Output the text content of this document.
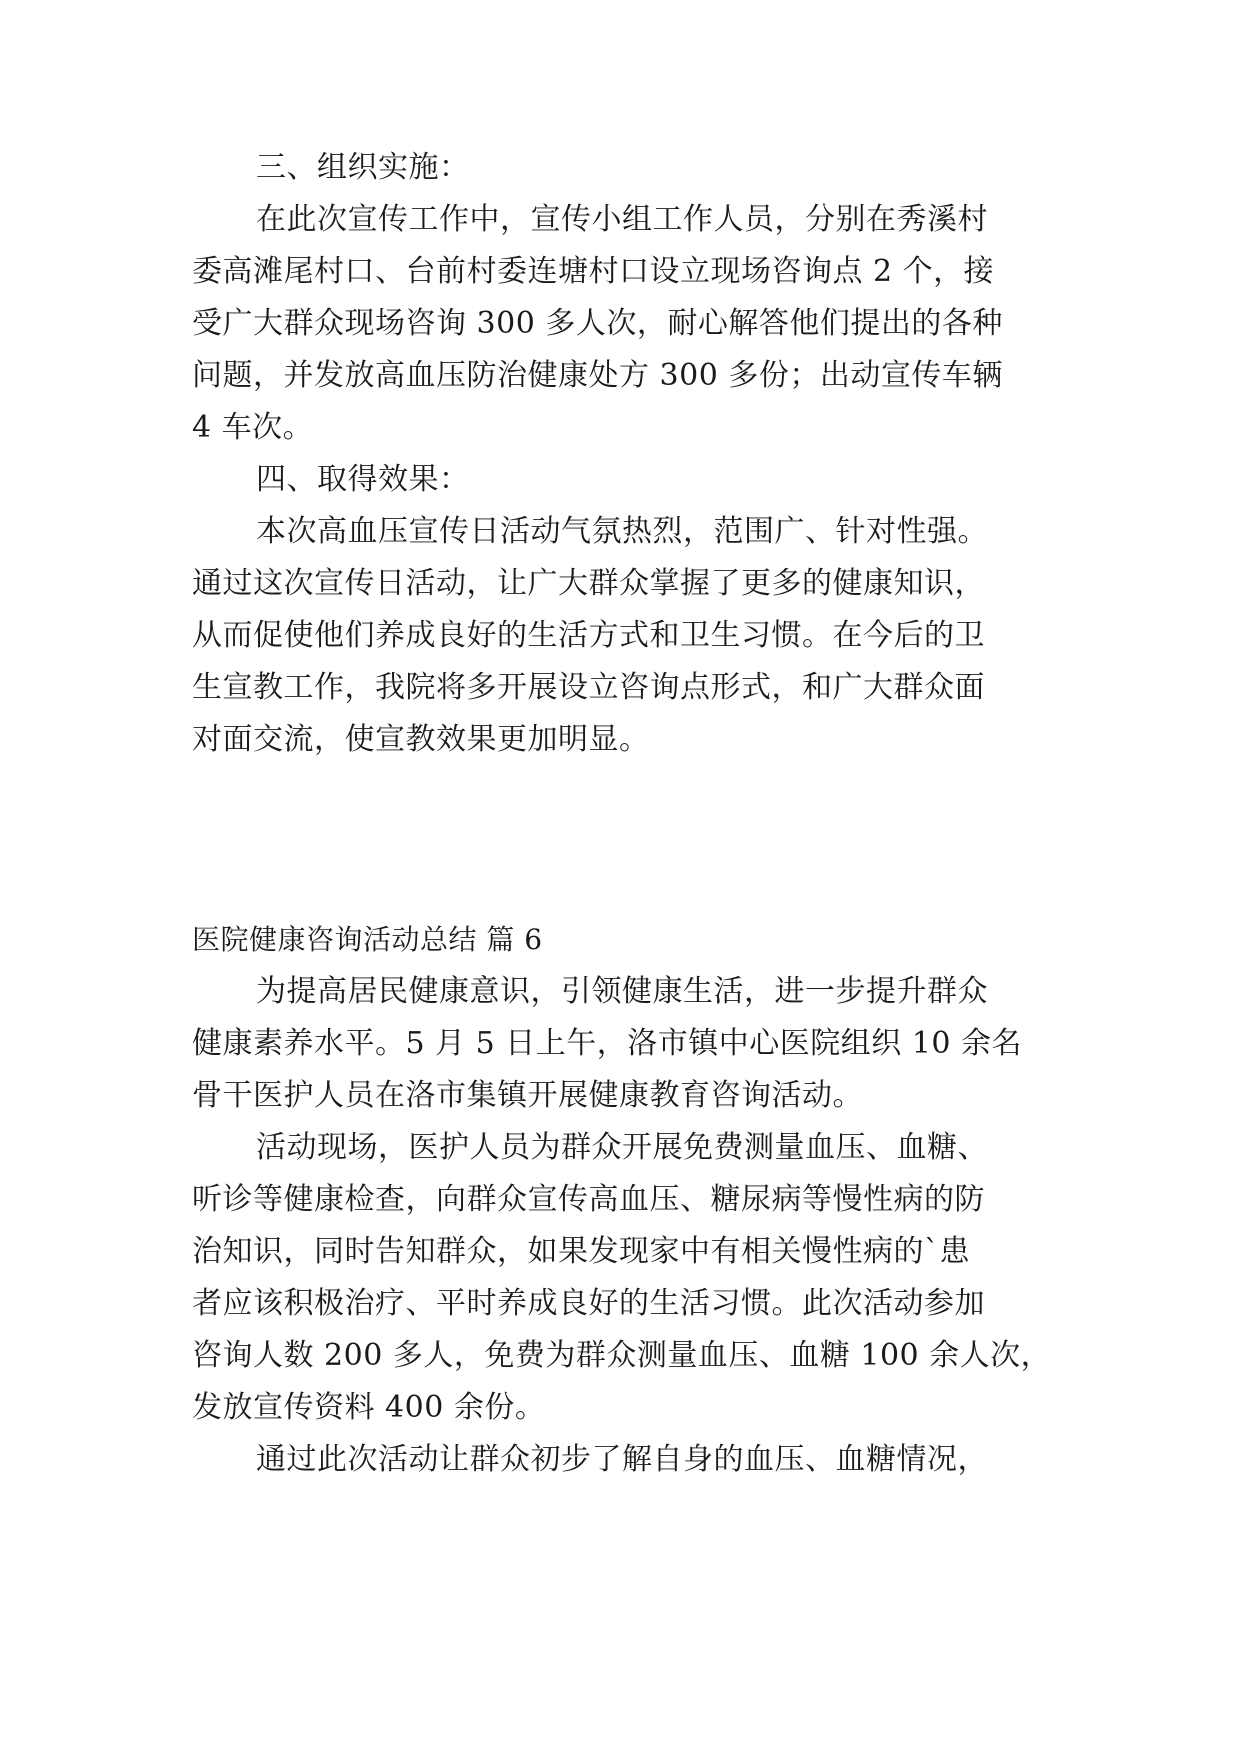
三、组织实施：
在此次宣传工作中，宣传小组工作人员，分别在秀溪村
委高滩尾村口、台前村委连塘村口设立现场咨询点 2 个，接
受广大群众现场咨询 300 多人次，耐心解答他们提出的各种
问题，并发放高血压防治健康处方 300 多份；出动宣传车辆
4 车次。
四、取得效果：
本次高血压宣传日活动气氛热烈，范围广、针对性强。
通过这次宣传日活动，让广大群众掌握了更多的健康知识，
从而促使他们养成良好的生活方式和卫生习惯。在今后的卫
生宣教工作，我院将多开展设立咨询点形式，和广大群众面
对面交流，使宣教效果更加明显。
医院健康咨询活动总结 篇 6
为提高居民健康意识，引领健康生活，进一步提升群众
健康素养水平。5 月 5 日上午，洛市镇中心医院组织 10 余名
骨干医护人员在洛市集镇开展健康教育咨询活动。
活动现场，医护人员为群众开展免费测量血压、血糖、
听诊等健康检查，向群众宣传高血压、糖尿病等慢性病的防
治知识，同时告知群众，如果发现家中有相关慢性病的`患
者应该积极治疗、平时养成良好的生活习惯。此次活动参加
咨询人数 200 多人，免费为群众测量血压、血糖 100 余人次，
发放宣传资料 400 余份。
通过此次活动让群众初步了解自身的血压、血糖情况，
